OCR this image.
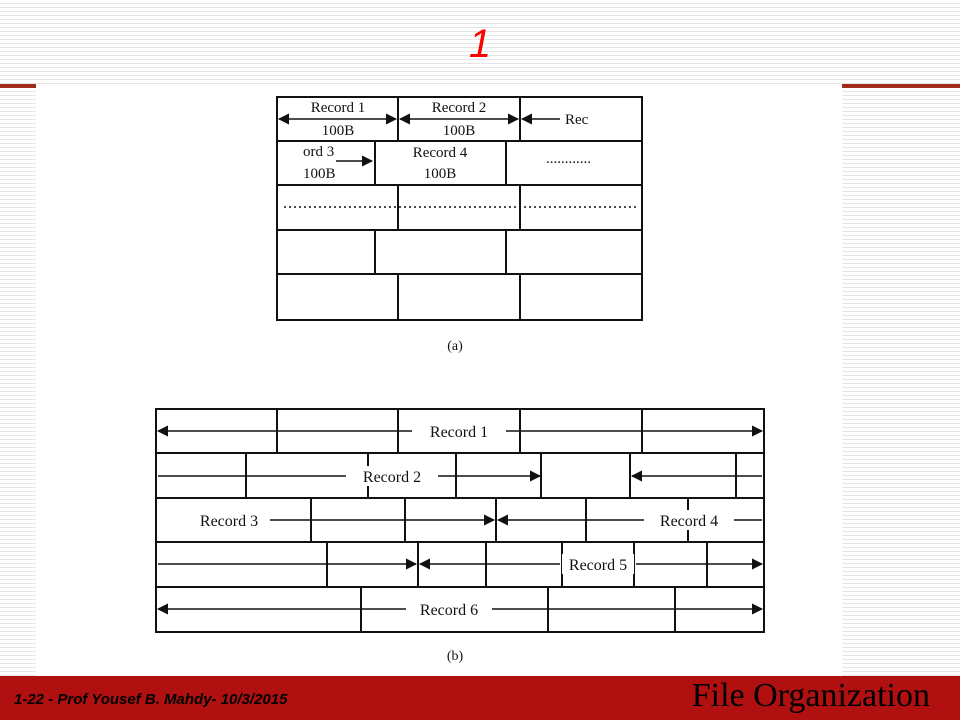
1
Record 1
100B
Record 2
100B
Rec
ord 3
100B
Record 4
100B
............
(a)
Record 1
Record 2
Record 3	Record 4
Record 5
Record 6
(b)
1-22 - Prof Yousef B. Mahdy- 10/3/2015	File Organization
